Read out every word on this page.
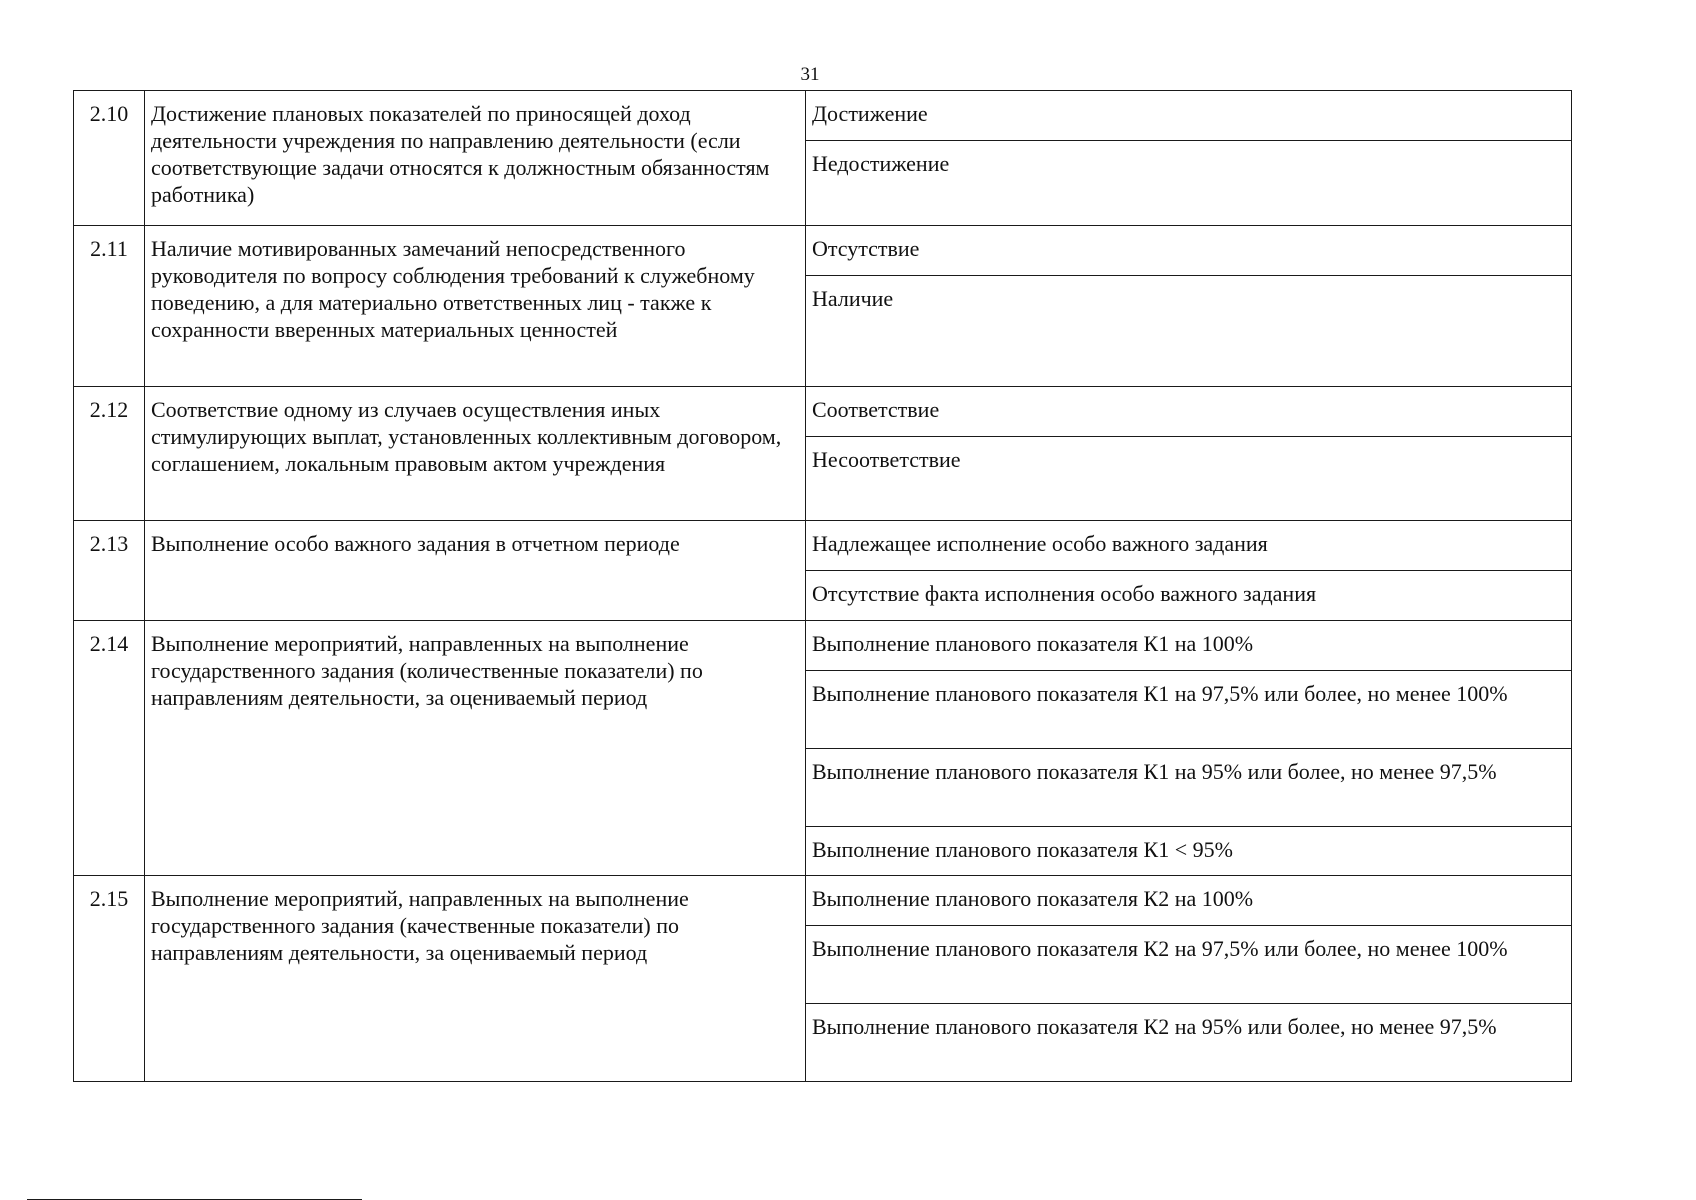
31
2.10	Достижение плановых показателей по приносящей доход деятельности учреждения по направлению деятельности (если соответствующие задачи относятся к должностным обязанностям работника)	Достижение
		Недостижение
2.11	Наличие мотивированных замечаний непосредственного руководителя по вопросу соблюдения требований к служебному поведению, а для материально ответственных лиц - также к сохранности вверенных материальных ценностей	Отсутствие
		Наличие
2.12	Соответствие одному из случаев осуществления иных стимулирующих выплат, установленных коллективным договором, соглашением, локальным правовым актом учреждения	Соответствие
		Несоответствие
2.13	Выполнение особо важного задания в отчетном периоде	Надлежащее исполнение особо важного задания
		Отсутствие факта исполнения особо важного задания
2.14	Выполнение мероприятий, направленных на выполнение государственного задания (количественные показатели) по направлениям деятельности, за оцениваемый период	Выполнение планового показателя К1 на 100%
		Выполнение планового показателя К1 на 97,5% или более, но менее 100%
		Выполнение планового показателя К1 на 95% или более, но менее 97,5%
		Выполнение планового показателя К1 < 95%
2.15	Выполнение мероприятий, направленных на выполнение государственного задания (качественные показатели) по направлениям деятельности, за оцениваемый период	Выполнение планового показателя К2 на 100%
		Выполнение планового показателя К2 на 97,5% или более, но менее 100%
		Выполнение планового показателя К2 на 95% или более, но менее 97,5%
